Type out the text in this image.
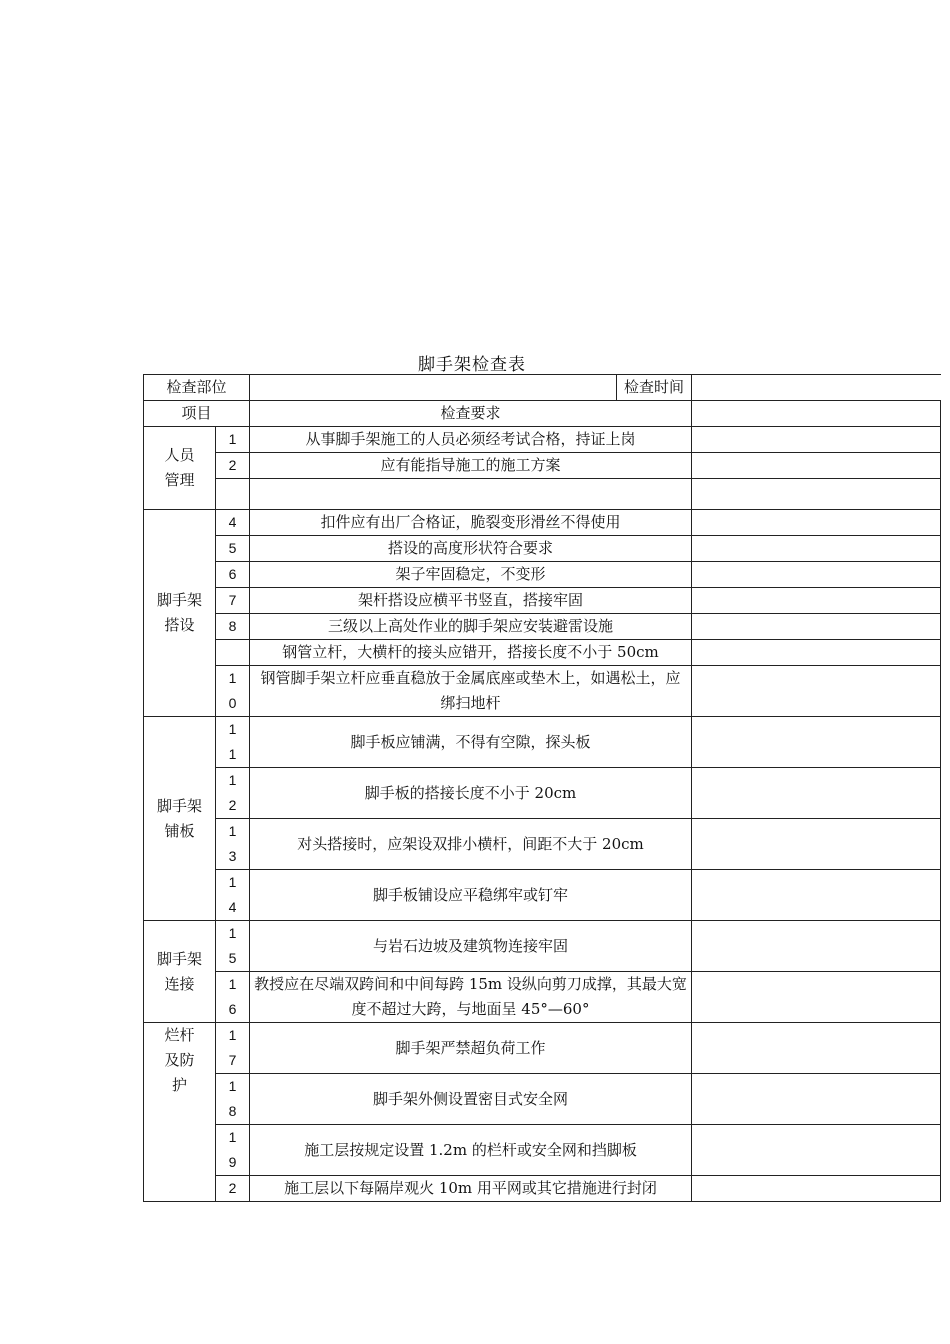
脚手架检查表
检查部位			检查时间	
项目		检查要求		
人员管理	1	从事脚手架施工的人员必须经考试合格，持证上岗		
	2	应有能指导施工的施工方案		

脚手架搭设	4	扣件应有出厂合格证，脆裂变形滑丝不得使用		
	5	搭设的高度形状符合要求		
	6	架子牢固稳定，不变形		
	7	架杆搭设应横平书竖直，搭接牢固		
	8	三级以上高处作业的脚手架应安装避雷设施		
		钢管立杆，大横杆的接头应错开，搭接长度不小于 50cm		
	10	钢管脚手架立杆应垂直稳放于金属底座或垫木上，如遇松土，应绑扫地杆		
脚手架铺板	11	脚手板应铺满，不得有空隙，探头板		
	12	脚手板的搭接长度不小于 20cm		
	13	对头搭接时，应架设双排小横杆，间距不大于 20cm		
	14	脚手板铺设应平稳绑牢或钉牢		
脚手架连接	15	与岩石边坡及建筑物连接牢固		
	16	教授应在尽端双跨间和中间每跨 15m 设纵向剪刀成撑，其最大宽度不超过大跨，与地面呈 45°—60°		
烂杆及防护	17	脚手架严禁超负荷工作		
	18	脚手架外侧设置密目式安全网		
	19	施工层按规定设置 1.2m 的栏杆或安全网和挡脚板		
	2	施工层以下每隔岸观火 10m 用平网或其它措施进行封闭		
